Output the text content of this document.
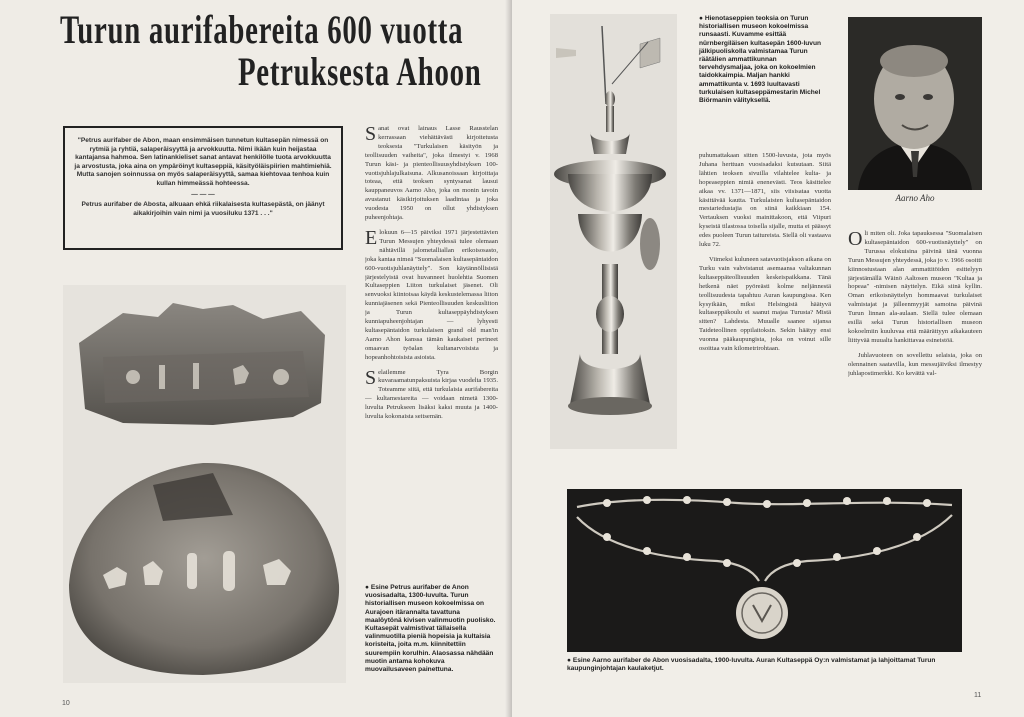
Turun aurifabereita 600 vuotta
Petruksesta Ahoon

"Petrus aurifaber de Abon, maan ensimmäisen tunnetun kultasepän nimessä on rytmiä ja ryhtiä, salaperäisyyttä ja arvokkuutta. Nimi ikään kuin heijastaa kantajansa hahmoa. Sen latinankieliset sanat antavat henkilölle tuota arvokkuutta ja arvostusta, joka aina on ympäröinyt kultaseppiä, käsityöläispiirien mahtimiehiä. Mutta sanojen soinnussa on myös salaperäisyyttä, samaa kiehtovaa tenhoa kuin kullan himmeässä hohteessa.

— — —

Petrus aurifaber de Abosta, alkuaan ehkä riikalaisesta kultasepästä, on jäänyt aikakirjoihin vain nimi ja vuosiluku 1371 . . ."

Sanat ovat lainaus Lasse Rausstelan kerrassaan viehättävästi kirjoitetusta teoksesta "Turkulaisen käsityön ja teollisuuden vaiheita", joka ilmestyi v. 1968 Turun käsi- ja pienteollisuusyhdistyksen 100-vuotisjuhlajulkaisuna. Alkusanoissaan kirjoittaja toteaa, että teoksen syntysanat lausui kauppaneuvos Aarno Aho, joka on monin tavoin avustanut käsikirjoituksen laadintaa ja joka vuodesta 1950 on ollut yhdistyksen puheenjohtaja.

Elokuun 6—15 päiviksi 1971 järjestettävien Turun Messujen yhteydessä tulee olemaan nähtävillä jalometalliallan erikoisosasto, joka kantaa nimeä "Suomalaisen kultasepäntaidon 600-vuotisjuhlanäyttely". Son käytännöllisistä järjestelyistä ovat huvanneet huolehtia Suomen Kultaseppien Liiton turkulaiset jäsenet. Oli senvuoksi kiintoisaa käydä keskustelemassa liiton kunniajäsenen sekä Pienteollisuuden keskusliiton ja Turun kultaseppäyhdistyksen kunniapuheenjohtajan — lyhyesti kultasepäntaidon turkulaisen grand old man'in Aarno Ahon kanssa tämän kaukaiset perineet omaavan työalan kultanarvoisista ja hopeanhohtoisista asioista.

Selailemme Tyra Borgin kuvaraamatunpaksuista kirjaa vuodelta 1935. Toteamme siitä, että turkulaisia aurifabereita — kultamestareita — voidaan nimetä 1300-luvulta Petrukseen lisäksi kaksi muuta ja 1400-luvulta kokonaista seitsemän.

● Esine Petrus aurifaber de Anon vuosisadalta, 1300-luvulta. Turun historiallisen museon kokoelmissa on Aurajoen itärannalta tavattuna maalöytönä kivisen valinmuotin puolisko. Kultasepät valmistivat tällaisella valinmuotilla pieniä hopeisia ja kultaisia koristeita, joita m.m. kiinnitettiin suurempiin korulhin. Alaosassa nähdään muotin antama kohokuva muovailusaveen painettuna.
10
● Hienotaseppien teoksia on Turun historiallisen museon kokoelmissa runsaasti. Kuvamme esittää nürnbergiläisen kultasepän 1600-luvun jälkipuoliskolla valmistamaa Turun räätälien ammattikunnan tervehdysmaljaa, joka on kokoelmien taidokkaimpia. Maljan hankki ammattikunta v. 1693 luultavasti turkulaisen kultaseppämestarin Michel Biörmanin välityksellä.
Aarno Aho

puhumattakaan sitten 1500-luvusta, jota myös Juhana herttuan vuosisadaksi kutsutaan. Siitä lähtien teoksen sivuilla vilahtelee kulta- ja hopeaseppien nimiä enenevästi. Teos käsittelee aikaa vv. 1371—1871, siis viisisataa vuotta käsittävää kautta. Turkulaisten kultasepäntaidon mestariedustajia on siinä kaikkiaan 154. Vertauksen vuoksi mainittakoon, että Viipuri kyseistä tilastossa toisella sijalle, mutta ei päässyt edes puoleen Turun taitureista. Siellä oli vastaava luku 72.

Viimeksi kuluneen satavuotisjakson aikana on Turku vain vahvistanut asemaansa valtakunnan kultaseppäteollisuuden keskeispaikkana. Tänä hetkenä näet pyöreästi kolme neljännestä teollisuudesta tapahtuu Auran kaupungissa. Ken kysyikään, miksi Helsingistä häätyvä kultaseppäkoulu ei saanut majaa Turusta? Mistä sitten? Lahdesta. Muualle saanee sijansa Taideteollinen oppilaitoksin. Sekin häätyy ensi vuonna pääkaupungista, joka on voinut sille osoittaa vain kilometrirohtaan.

Oli miten oli. Joka tapauksessa "Suomalaisen kultasepäntaidon 600-vuotisnäyttely" on Turussa elokuisina päivinä tänä vuonna Turun Messujen yhteydessä, joka jo v. 1966 osoitti kiinnostustaan alan ammattitöiden esittelyyn järjestämällä Wäinö Aaltosen museon "Kultaa ja hopeaa" -nimisen näyttelyn. Eikä siinä kyllin. Oman erikoisnäyttelyn hommaavat turkulaiset valmistajat ja jälleenmyyjät samoina päivinä Turun linnan ala-aulaan. Siellä tulee olemaan esillä sekä Turun historiallisen museon kokoelmiin kuuluvaa että määrättyyn aikakauteen liittyvää muualta hankittavaa esineistöä.

Juhlavuoteen on sovellettu selaisia, joka on olennainen saatavilla, kun messujäiviksi ilmestyy juhlapostimerkki. Ko kevättä val-

● Esine Aarno aurifaber de Abon vuosisadalta, 1900-luvulta. Auran Kultaseppä Oy:n valmistamat ja lahjoittamat Turun kaupunginjohtajan kaulaketjut.
11
